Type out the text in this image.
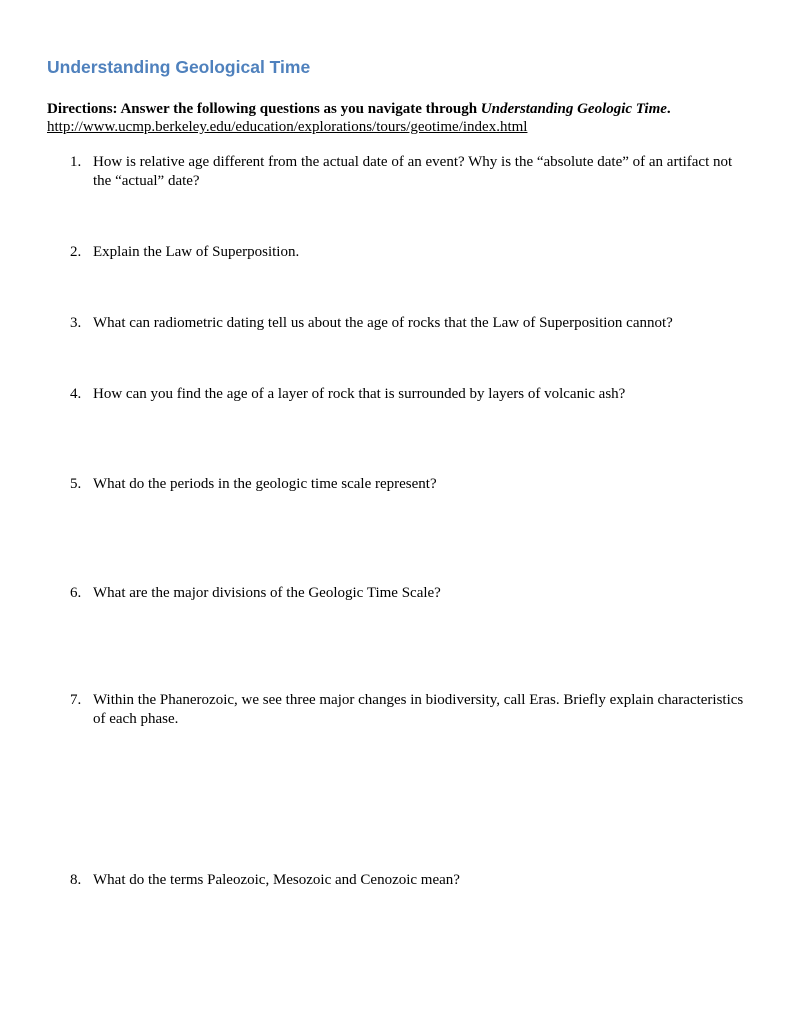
Understanding Geological Time
Directions: Answer the following questions as you navigate through Understanding Geologic Time.
http://www.ucmp.berkeley.edu/education/explorations/tours/geotime/index.html
1. How is relative age different from the actual date of an event? Why is the “absolute date” of an artifact not the “actual” date?
2. Explain the Law of Superposition.
3. What can radiometric dating tell us about the age of rocks that the Law of Superposition cannot?
4. How can you find the age of a layer of rock that is surrounded by layers of volcanic ash?
5. What do the periods in the geologic time scale represent?
6. What are the major divisions of the Geologic Time Scale?
7. Within the Phanerozoic, we see three major changes in biodiversity, call Eras. Briefly explain characteristics of each phase.
8. What do the terms Paleozoic, Mesozoic and Cenozoic mean?
